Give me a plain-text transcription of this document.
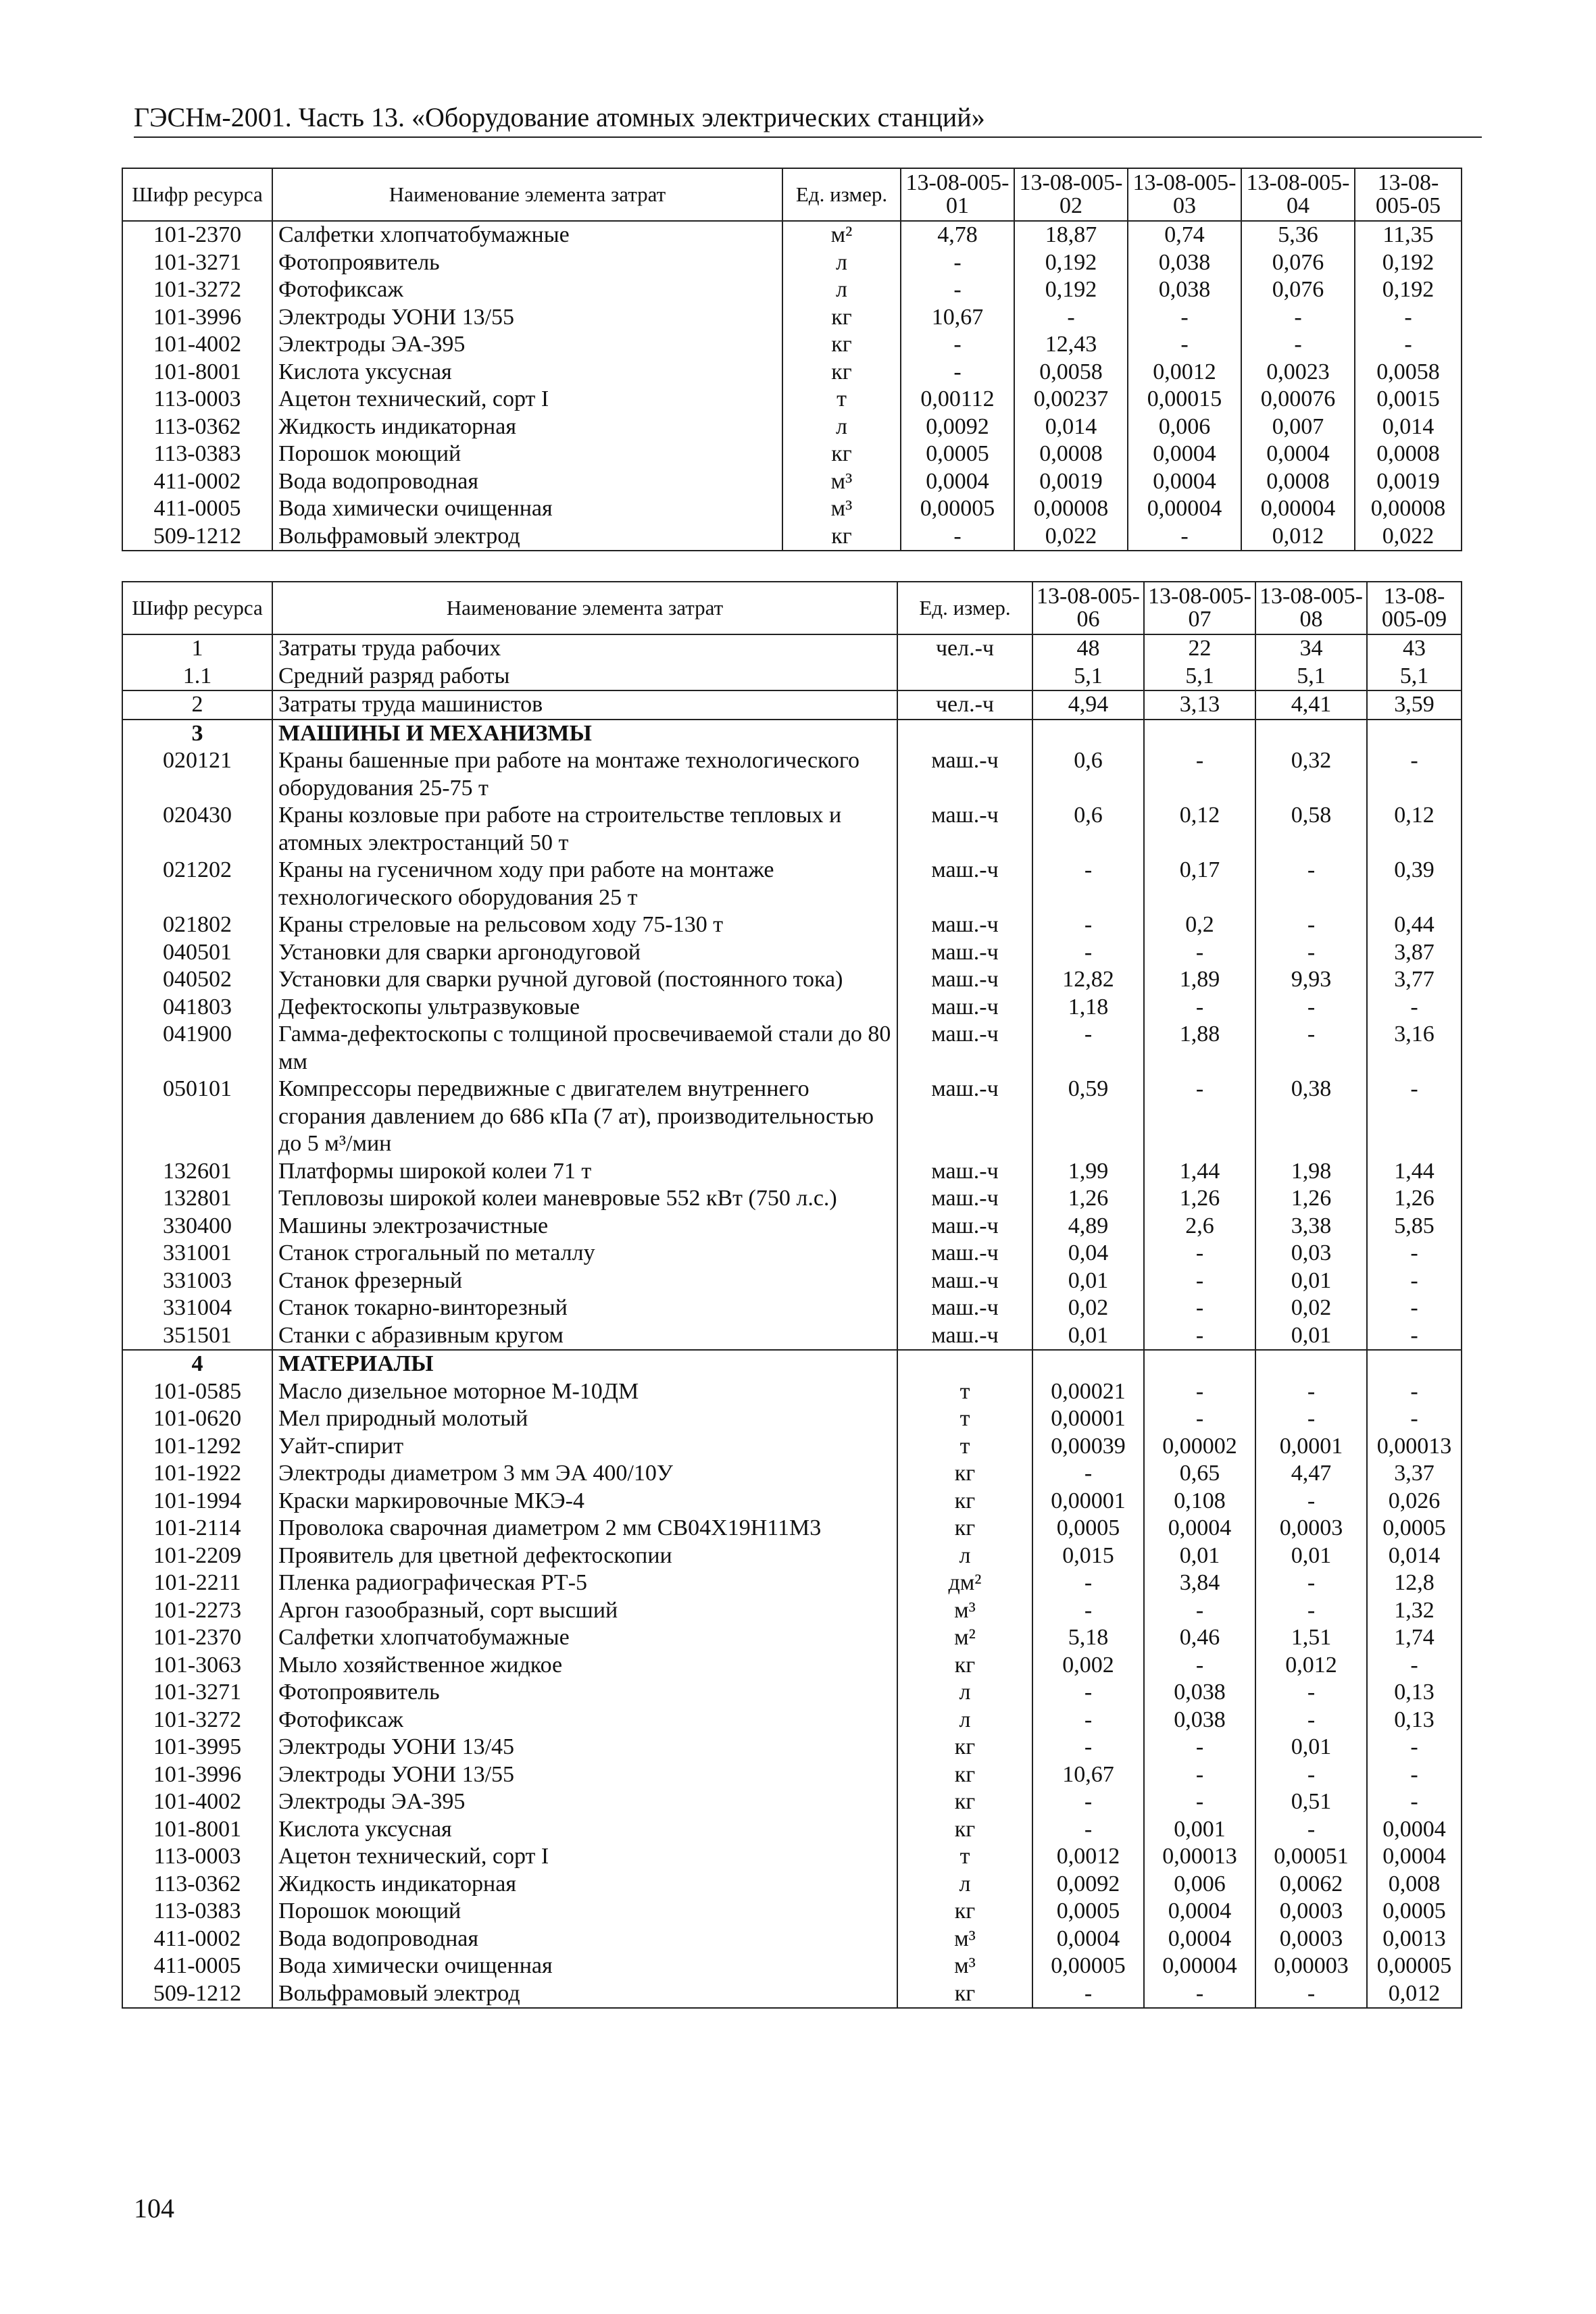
ГЭСНм-2001. Часть 13. «Оборудование атомных электрических станций»
Шифр ресурса	Наименование элемента затрат	Ед. измер.	13-08-005-01	13-08-005-02	13-08-005-03	13-08-005-04	13-08-005-05
101-2370	Салфетки хлопчатобумажные	м²	4,78	18,87	0,74	5,36	11,35
101-3271	Фотопроявитель	л	-	0,192	0,038	0,076	0,192
101-3272	Фотофиксаж	л	-	0,192	0,038	0,076	0,192
101-3996	Электроды УОНИ 13/55	кг	10,67	-	-	-	-
101-4002	Электроды ЭА-395	кг	-	12,43	-	-	-
101-8001	Кислота уксусная	кг	-	0,0058	0,0012	0,0023	0,0058
113-0003	Ацетон технический, сорт I	т	0,00112	0,00237	0,00015	0,00076	0,0015
113-0362	Жидкость индикаторная	л	0,0092	0,014	0,006	0,007	0,014
113-0383	Порошок моющий	кг	0,0005	0,0008	0,0004	0,0004	0,0008
411-0002	Вода водопроводная	м³	0,0004	0,0019	0,0004	0,0008	0,0019
411-0005	Вода химически очищенная	м³	0,00005	0,00008	0,00004	0,00004	0,00008
509-1212	Вольфрамовый электрод	кг	-	0,022	-	0,012	0,022
Шифр ресурса	Наименование элемента затрат	Ед. измер.	13-08-005-06	13-08-005-07	13-08-005-08	13-08-005-09
1	Затраты труда рабочих	чел.-ч	48	22	34	43
1.1	Средний разряд работы		5,1	5,1	5,1	5,1
2	Затраты труда машинистов	чел.-ч	4,94	3,13	4,41	3,59
3	МАШИНЫ И МЕХАНИЗМЫ					
020121	Краны башенные при работе на монтаже технологического оборудования 25-75 т	маш.-ч	0,6	-	0,32	-
020430	Краны козловые при работе на строительстве тепловых и атомных электростанций 50 т	маш.-ч	0,6	0,12	0,58	0,12
021202	Краны на гусеничном ходу при работе на монтаже технологического оборудования 25 т	маш.-ч	-	0,17	-	0,39
021802	Краны стреловые на рельсовом ходу 75-130 т	маш.-ч	-	0,2	-	0,44
040501	Установки для сварки аргонодуговой	маш.-ч	-	-	-	3,87
040502	Установки для сварки ручной дуговой (постоянного тока)	маш.-ч	12,82	1,89	9,93	3,77
041803	Дефектоскопы ультразвуковые	маш.-ч	1,18	-	-	-
041900	Гамма-дефектоскопы с толщиной просвечиваемой стали до 80 мм	маш.-ч	-	1,88	-	3,16
050101	Компрессоры передвижные с двигателем внутреннего сгорания давлением до 686 кПа (7 ат), производительностью до 5 м³/мин	маш.-ч	0,59	-	0,38	-
132601	Платформы широкой колеи 71 т	маш.-ч	1,99	1,44	1,98	1,44
132801	Тепловозы широкой колеи маневровые 552 кВт (750 л.с.)	маш.-ч	1,26	1,26	1,26	1,26
330400	Машины электрозачистные	маш.-ч	4,89	2,6	3,38	5,85
331001	Станок строгальный по металлу	маш.-ч	0,04	-	0,03	-
331003	Станок фрезерный	маш.-ч	0,01	-	0,01	-
331004	Станок токарно-винторезный	маш.-ч	0,02	-	0,02	-
351501	Станки с абразивным кругом	маш.-ч	0,01	-	0,01	-
4	МАТЕРИАЛЫ					
101-0585	Масло дизельное моторное М-10ДМ	т	0,00021	-	-	-
101-0620	Мел природный молотый	т	0,00001	-	-	-
101-1292	Уайт-спирит	т	0,00039	0,00002	0,0001	0,00013
101-1922	Электроды диаметром 3 мм ЭА 400/10У	кг	-	0,65	4,47	3,37
101-1994	Краски маркировочные МКЭ-4	кг	0,00001	0,108	-	0,026
101-2114	Проволока сварочная диаметром 2 мм СВ04Х19Н11М3	кг	0,0005	0,0004	0,0003	0,0005
101-2209	Проявитель для цветной дефектоскопии	л	0,015	0,01	0,01	0,014
101-2211	Пленка радиографическая РТ-5	дм²	-	3,84	-	12,8
101-2273	Аргон газообразный, сорт высший	м³	-	-	-	1,32
101-2370	Салфетки хлопчатобумажные	м²	5,18	0,46	1,51	1,74
101-3063	Мыло хозяйственное жидкое	кг	0,002	-	0,012	-
101-3271	Фотопроявитель	л	-	0,038	-	0,13
101-3272	Фотофиксаж	л	-	0,038	-	0,13
101-3995	Электроды УОНИ 13/45	кг	-	-	0,01	-
101-3996	Электроды УОНИ 13/55	кг	10,67	-	-	-
101-4002	Электроды ЭА-395	кг	-	-	0,51	-
101-8001	Кислота уксусная	кг	-	0,001	-	0,0004
113-0003	Ацетон технический, сорт I	т	0,0012	0,00013	0,00051	0,0004
113-0362	Жидкость индикаторная	л	0,0092	0,006	0,0062	0,008
113-0383	Порошок моющий	кг	0,0005	0,0004	0,0003	0,0005
411-0002	Вода водопроводная	м³	0,0004	0,0004	0,0003	0,0013
411-0005	Вода химически очищенная	м³	0,00005	0,00004	0,00003	0,00005
509-1212	Вольфрамовый электрод	кг	-	-	-	0,012
104
